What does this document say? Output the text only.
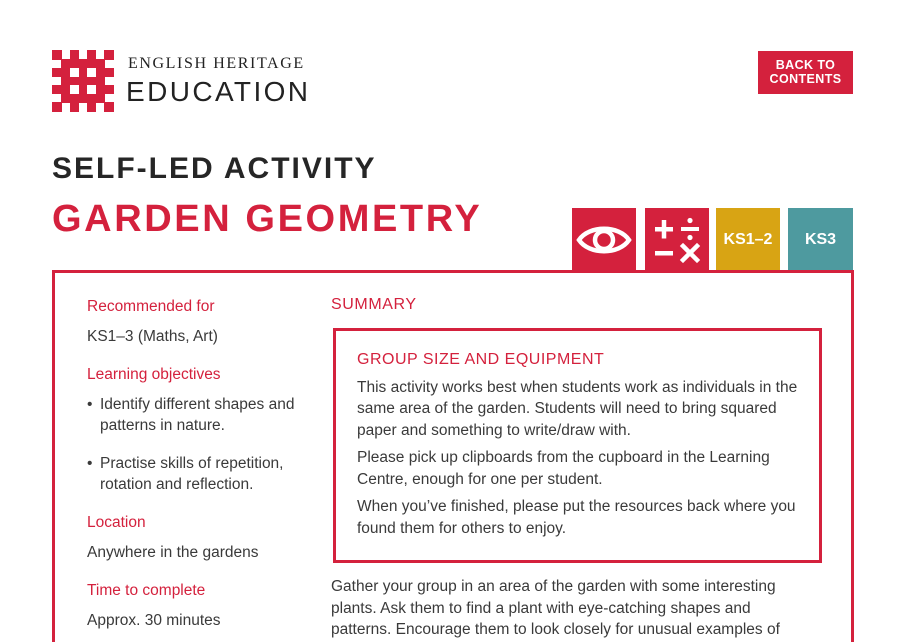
ENGLISH HERITAGE
EDUCATION
BACK TO
CONTENTS
SELF-LED ACTIVITY
GARDEN GEOMETRY	KS1–2	KS3
Recommended for
KS1–3 (Maths, Art)
Learning objectives
• Identify different shapes and patterns in nature.
• Practise skills of repetition, rotation and reflection.
Location
Anywhere in the gardens
Time to complete
Approx. 30 minutes
SUMMARY
GROUP SIZE AND EQUIPMENT

This activity works best when students work as individuals in the same area of the garden. Students will need to bring squared paper and something to write/draw with.

Please pick up clipboards from the cupboard in the Learning Centre, enough for one per student.

When you’ve finished, please put the resources back where you found them for others to enjoy.

Gather your group in an area of the garden with some interesting plants. Ask them to find a plant with eye-catching shapes and patterns. Encourage them to look closely for unusual examples of
